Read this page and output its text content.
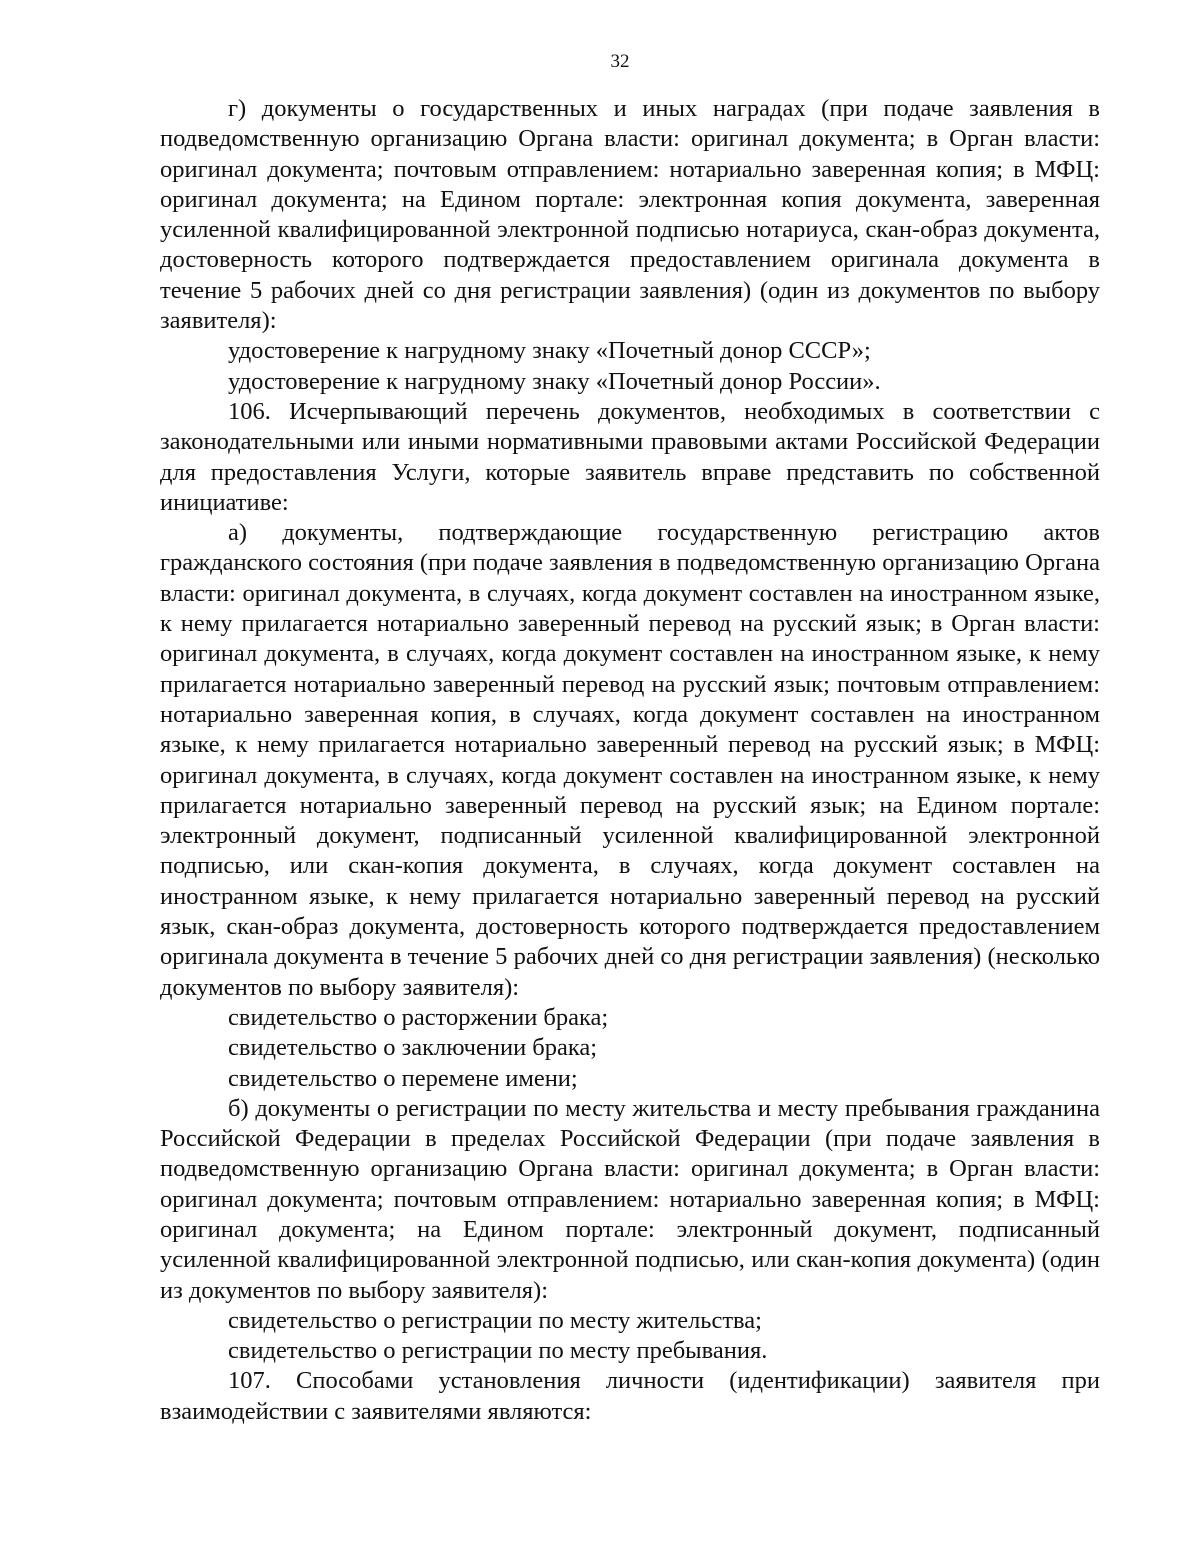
32

г) документы о государственных и иных наградах (при подаче заявления в подведомственную организацию Органа власти: оригинал документа; в Орган власти: оригинал документа; почтовым отправлением: нотариально заверенная копия; в МФЦ: оригинал документа; на Едином портале: электронная копия документа, заверенная усиленной квалифицированной электронной подписью нотариуса, скан-образ документа, достоверность которого подтверждается предоставлением оригинала документа в течение 5 рабочих дней со дня регистрации заявления) (один из документов по выбору заявителя):

удостоверение к нагрудному знаку «Почетный донор СССР»;

удостоверение к нагрудному знаку «Почетный донор России».

106. Исчерпывающий перечень документов, необходимых в соответствии с законодательными или иными нормативными правовыми актами Российской Федерации для предоставления Услуги, которые заявитель вправе представить по собственной инициативе:

а) документы, подтверждающие государственную регистрацию актов гражданского состояния (при подаче заявления в подведомственную организацию Органа власти: оригинал документа, в случаях, когда документ составлен на иностранном языке, к нему прилагается нотариально заверенный перевод на русский язык; в Орган власти: оригинал документа, в случаях, когда документ составлен на иностранном языке, к нему прилагается нотариально заверенный перевод на русский язык; почтовым отправлением: нотариально заверенная копия, в случаях, когда документ составлен на иностранном языке, к нему прилагается нотариально заверенный перевод на русский язык; в МФЦ: оригинал документа, в случаях, когда документ составлен на иностранном языке, к нему прилагается нотариально заверенный перевод на русский язык; на Едином портале: электронный документ, подписанный усиленной квалифицированной электронной подписью, или скан-копия документа, в случаях, когда документ составлен на иностранном языке, к нему прилагается нотариально заверенный перевод на русский язык, скан-образ документа, достоверность которого подтверждается предоставлением оригинала документа в течение 5 рабочих дней со дня регистрации заявления) (несколько документов по выбору заявителя):

свидетельство о расторжении брака;

свидетельство о заключении брака;

свидетельство о перемене имени;

б) документы о регистрации по месту жительства и месту пребывания гражданина Российской Федерации в пределах Российской Федерации (при подаче заявления в подведомственную организацию Органа власти: оригинал документа; в Орган власти: оригинал документа; почтовым отправлением: нотариально заверенная копия; в МФЦ: оригинал документа; на Едином портале: электронный документ, подписанный усиленной квалифицированной электронной подписью, или скан-копия документа) (один из документов по выбору заявителя):

свидетельство о регистрации по месту жительства;

свидетельство о регистрации по месту пребывания.

107. Способами установления личности (идентификации) заявителя при взаимодействии с заявителями являются:
